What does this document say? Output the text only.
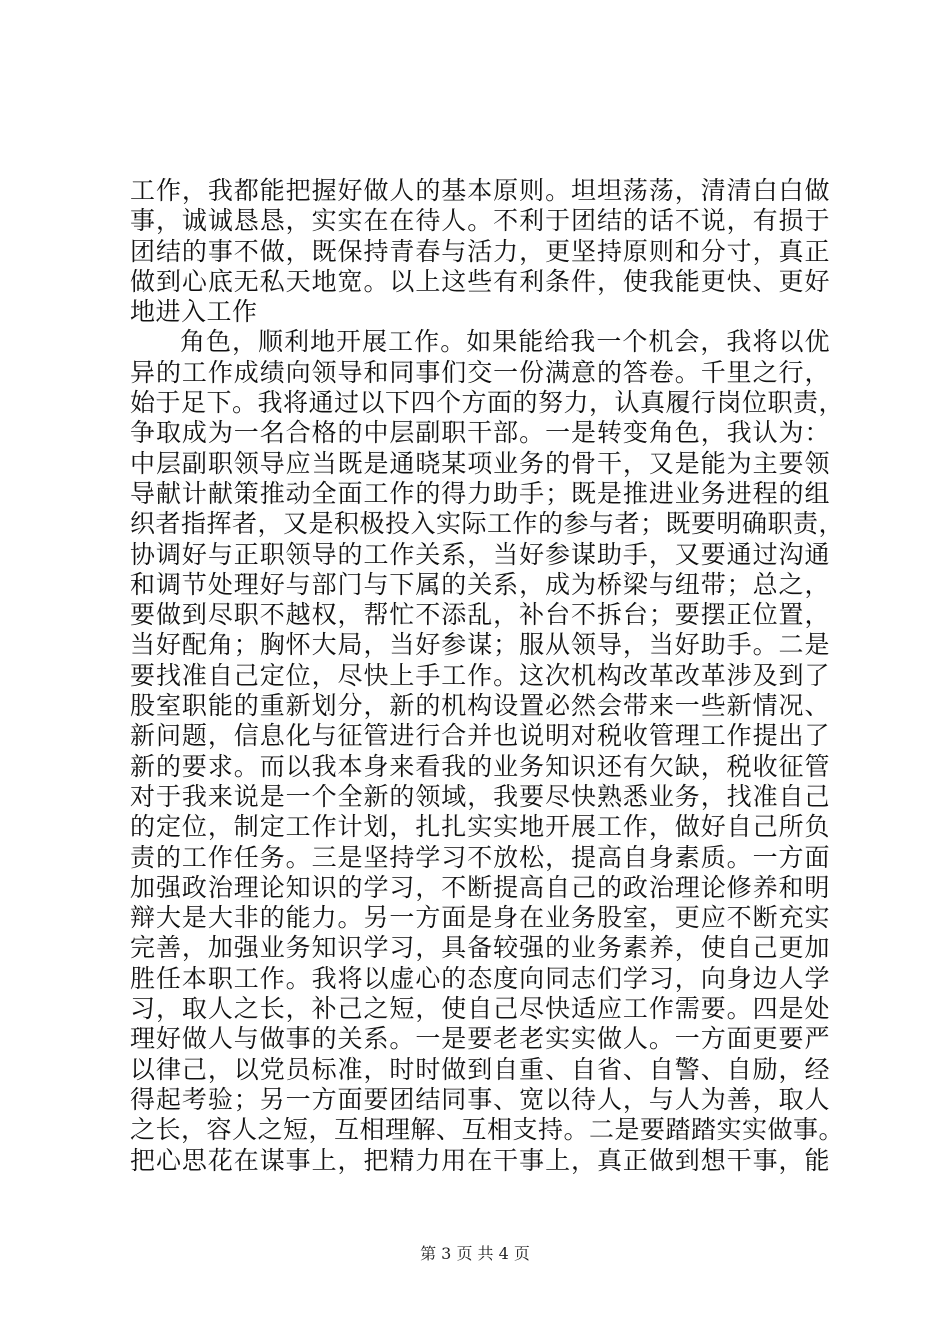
工作，我都能把握好做人的基本原则。坦坦荡荡，清清白白做
事，诚诚恳恳，实实在在待人。不利于团结的话不说，有损于
团结的事不做，既保持青春与活力，更坚持原则和分寸，真正
做到心底无私天地宽。以上这些有利条件，使我能更快、更好
地进入工作
角色，顺利地开展工作。如果能给我一个机会，我将以优
异的工作成绩向领导和同事们交一份满意的答卷。千里之行，
始于足下。我将通过以下四个方面的努力，认真履行岗位职责，
争取成为一名合格的中层副职干部。一是转变角色，我认为：
中层副职领导应当既是通晓某项业务的骨干，又是能为主要领
导献计献策推动全面工作的得力助手；既是推进业务进程的组
织者指挥者，又是积极投入实际工作的参与者；既要明确职责，
协调好与正职领导的工作关系，当好参谋助手，又要通过沟通
和调节处理好与部门与下属的关系，成为桥梁与纽带；总之，
要做到尽职不越权，帮忙不添乱，补台不拆台；要摆正位置，
当好配角；胸怀大局，当好参谋；服从领导，当好助手。二是
要找准自己定位，尽快上手工作。这次机构改革改革涉及到了
股室职能的重新划分，新的机构设置必然会带来一些新情况、
新问题，信息化与征管进行合并也说明对税收管理工作提出了
新的要求。而以我本身来看我的业务知识还有欠缺，税收征管
对于我来说是一个全新的领域，我要尽快熟悉业务，找准自己
的定位，制定工作计划，扎扎实实地开展工作，做好自己所负
责的工作任务。三是坚持学习不放松，提高自身素质。一方面
加强政治理论知识的学习，不断提高自己的政治理论修养和明
辩大是大非的能力。另一方面是身在业务股室，更应不断充实
完善，加强业务知识学习，具备较强的业务素养，使自己更加
胜任本职工作。我将以虚心的态度向同志们学习，向身边人学
习，取人之长，补己之短，使自己尽快适应工作需要。四是处
理好做人与做事的关系。一是要老老实实做人。一方面更要严
以律己，以党员标准，时时做到自重、自省、自警、自励，经
得起考验；另一方面要团结同事、宽以待人，与人为善，取人
之长，容人之短，互相理解、互相支持。二是要踏踏实实做事。
把心思花在谋事上，把精力用在干事上，真正做到想干事，能
第 3 页 共 4 页
